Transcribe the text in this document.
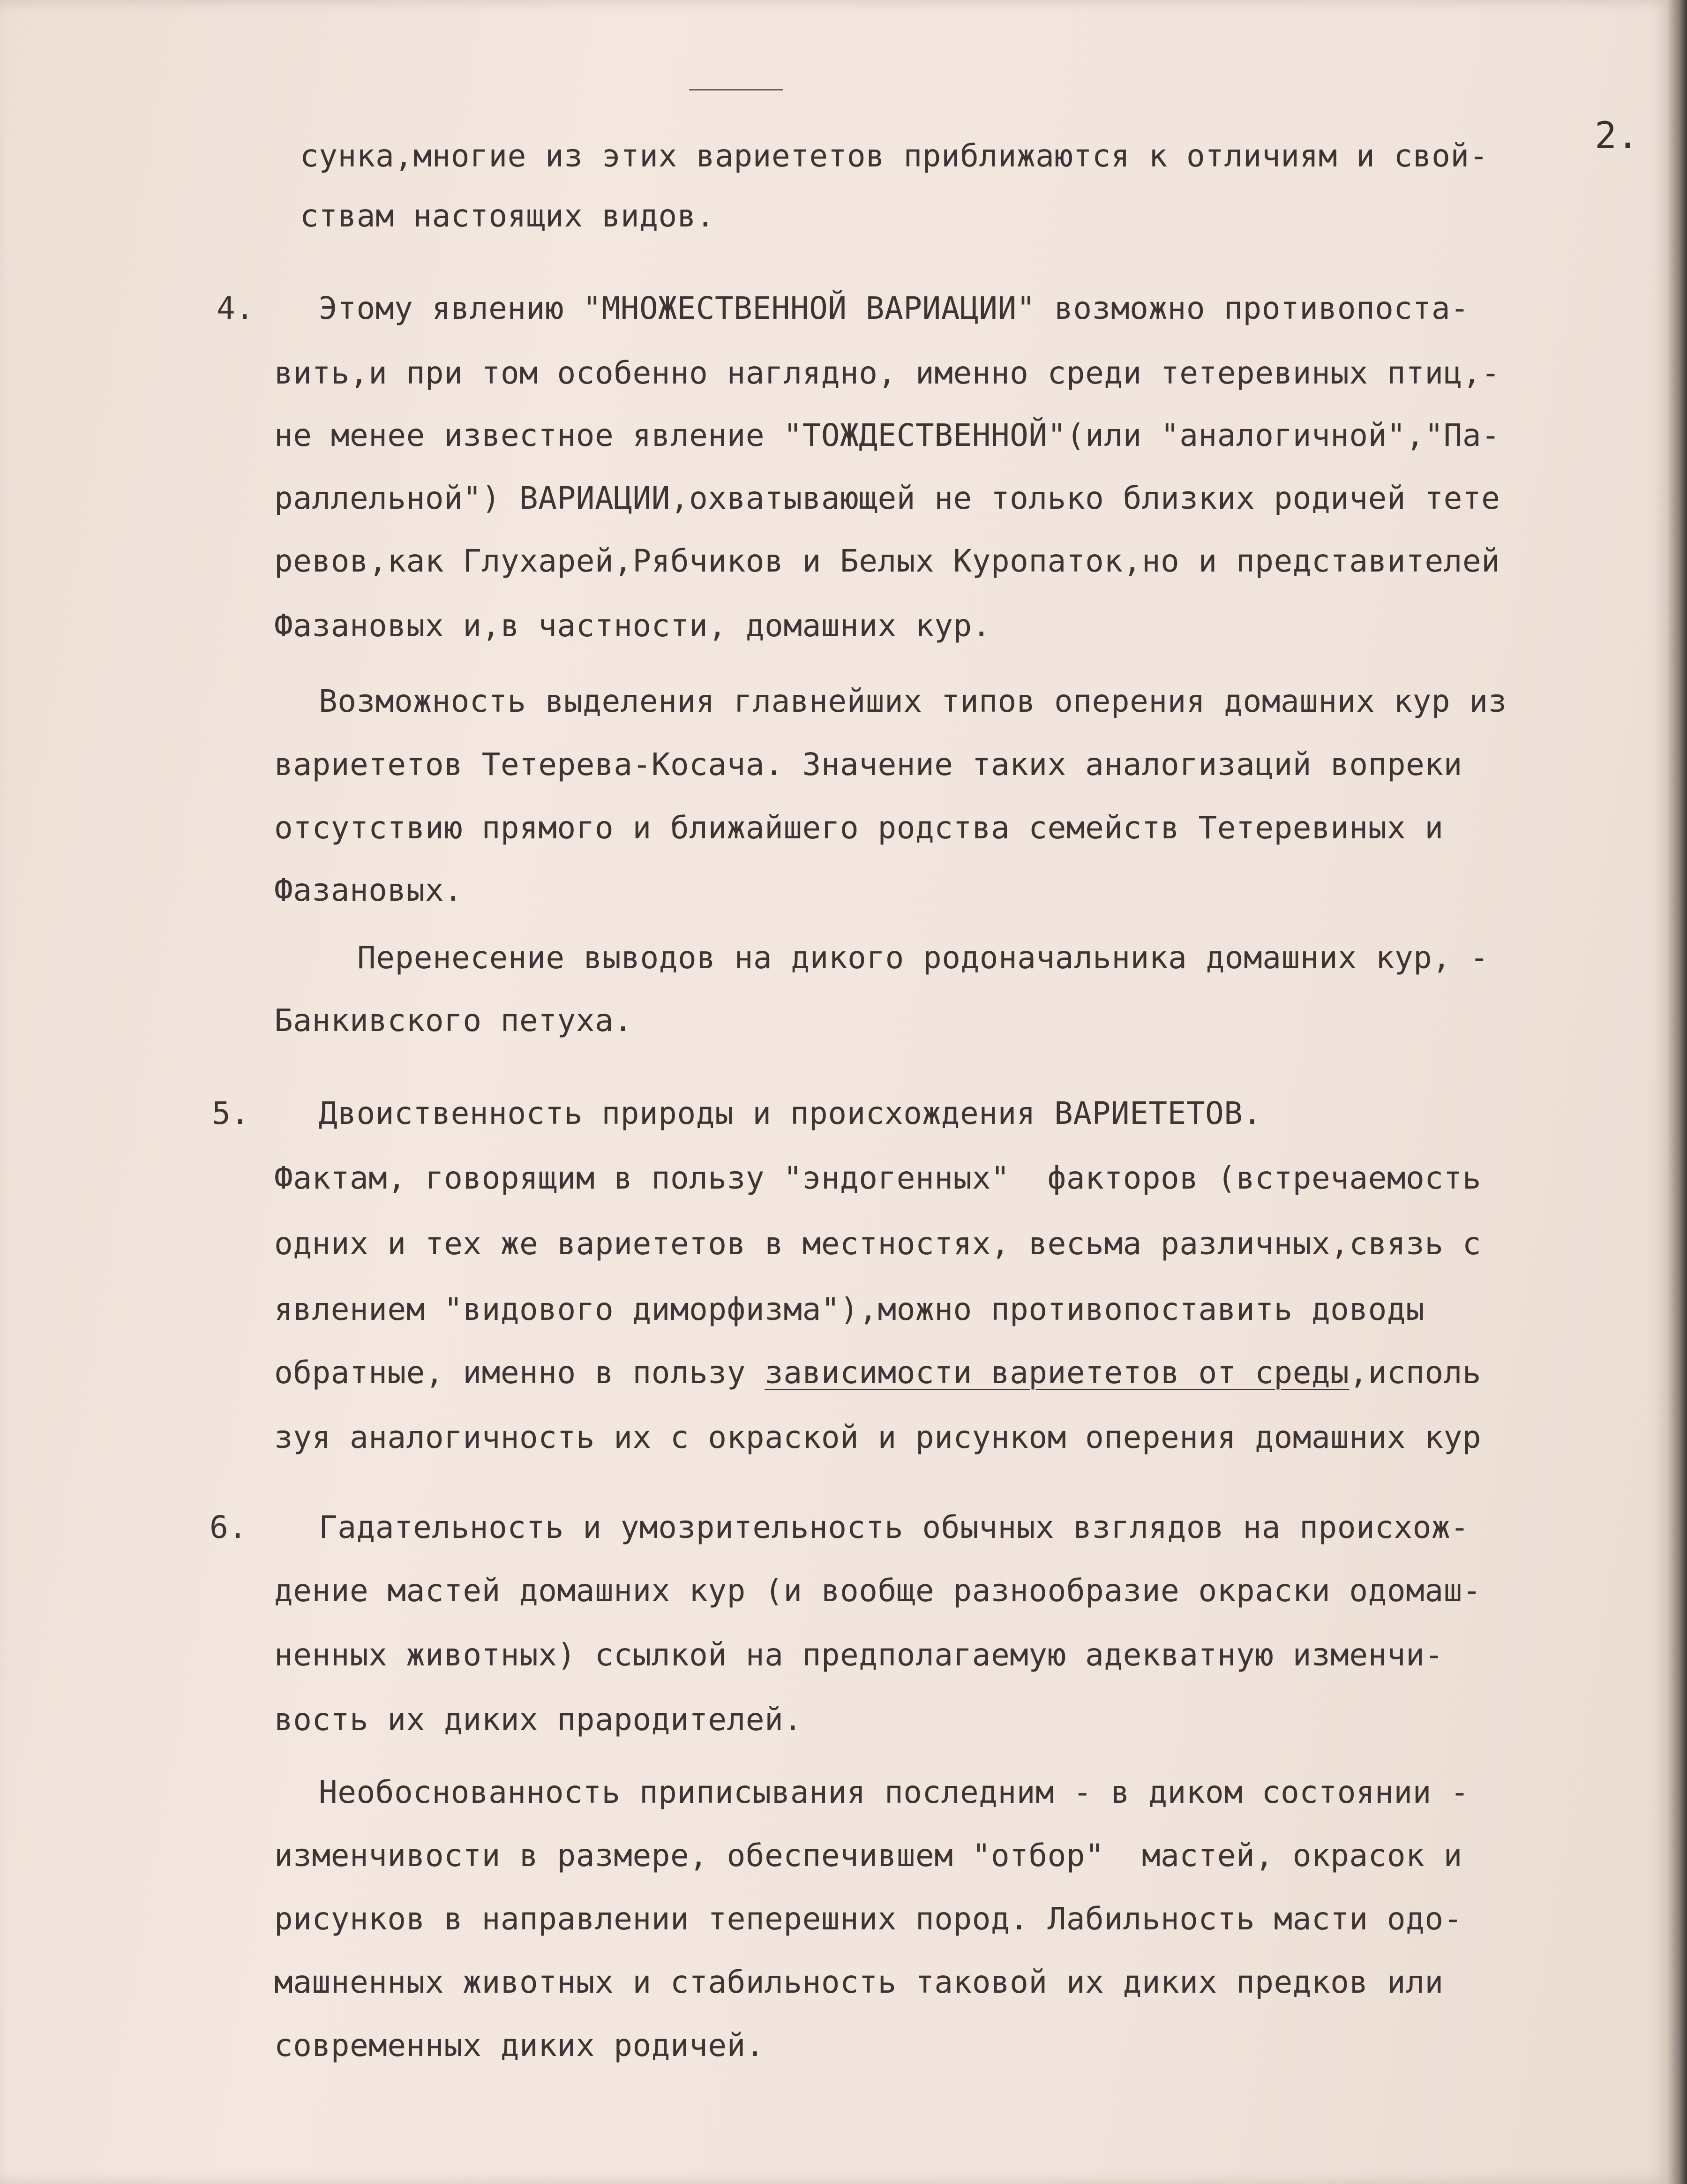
2.

сунка,многие из этих вариететов приближаются к отличиям и свой-

ствам настоящих видов.

4. Этому явлению "МНОЖЕСТВЕННОЙ ВАРИАЦИИ" возможно противопоста-

вить,и при том особенно наглядно, именно среди тетеревиных птиц,-

не менее известное явление "ТОЖДЕСТВЕННОЙ"(или "аналогичной","Па-

раллельной") ВАРИАЦИИ,охватывающей не только близких родичей тете

ревов,как Глухарей,Рябчиков и Белых Куропаток,но и представителей

Фазановых и,в частности, домашних кур.

Возможность выделения главнейших типов оперения домашних кур из

вариететов Тетерева-Косача. Значение таких аналогизаций вопреки

отсутствию прямого и ближайшего родства семейств Тетеревиных и

Фазановых.

Перенесение выводов на дикого родоначальника домашних кур, -

Банкивского петуха.

5. Двоиственность природы и происхождения ВАРИЕТЕТОВ.

Фактам, говорящим в пользу "эндогенных"  факторов (встречаемость

одних и тех же вариететов в местностях, весьма различных,связь с

явлением "видового диморфизма"),можно противопоставить доводы

обратные, именно в пользу зависимости вариететов от среды,исполь

зуя аналогичность их с окраской и рисунком оперения домашних кур

6. Гадательность и умозрительность обычных взглядов на происхож-

дение мастей домашних кур (и вообще разнообразие окраски одомаш-

ненных животных) ссылкой на предполагаемую адекватную изменчи-

вость их диких прародителей.

Необоснованность приписывания последним - в диком состоянии -

изменчивости в размере, обеспечившем "отбор"  мастей, окрасок и

рисунков в направлении теперешних пород. Лабильность масти одо-

машненных животных и стабильность таковой их диких предков или

современных диких родичей.
